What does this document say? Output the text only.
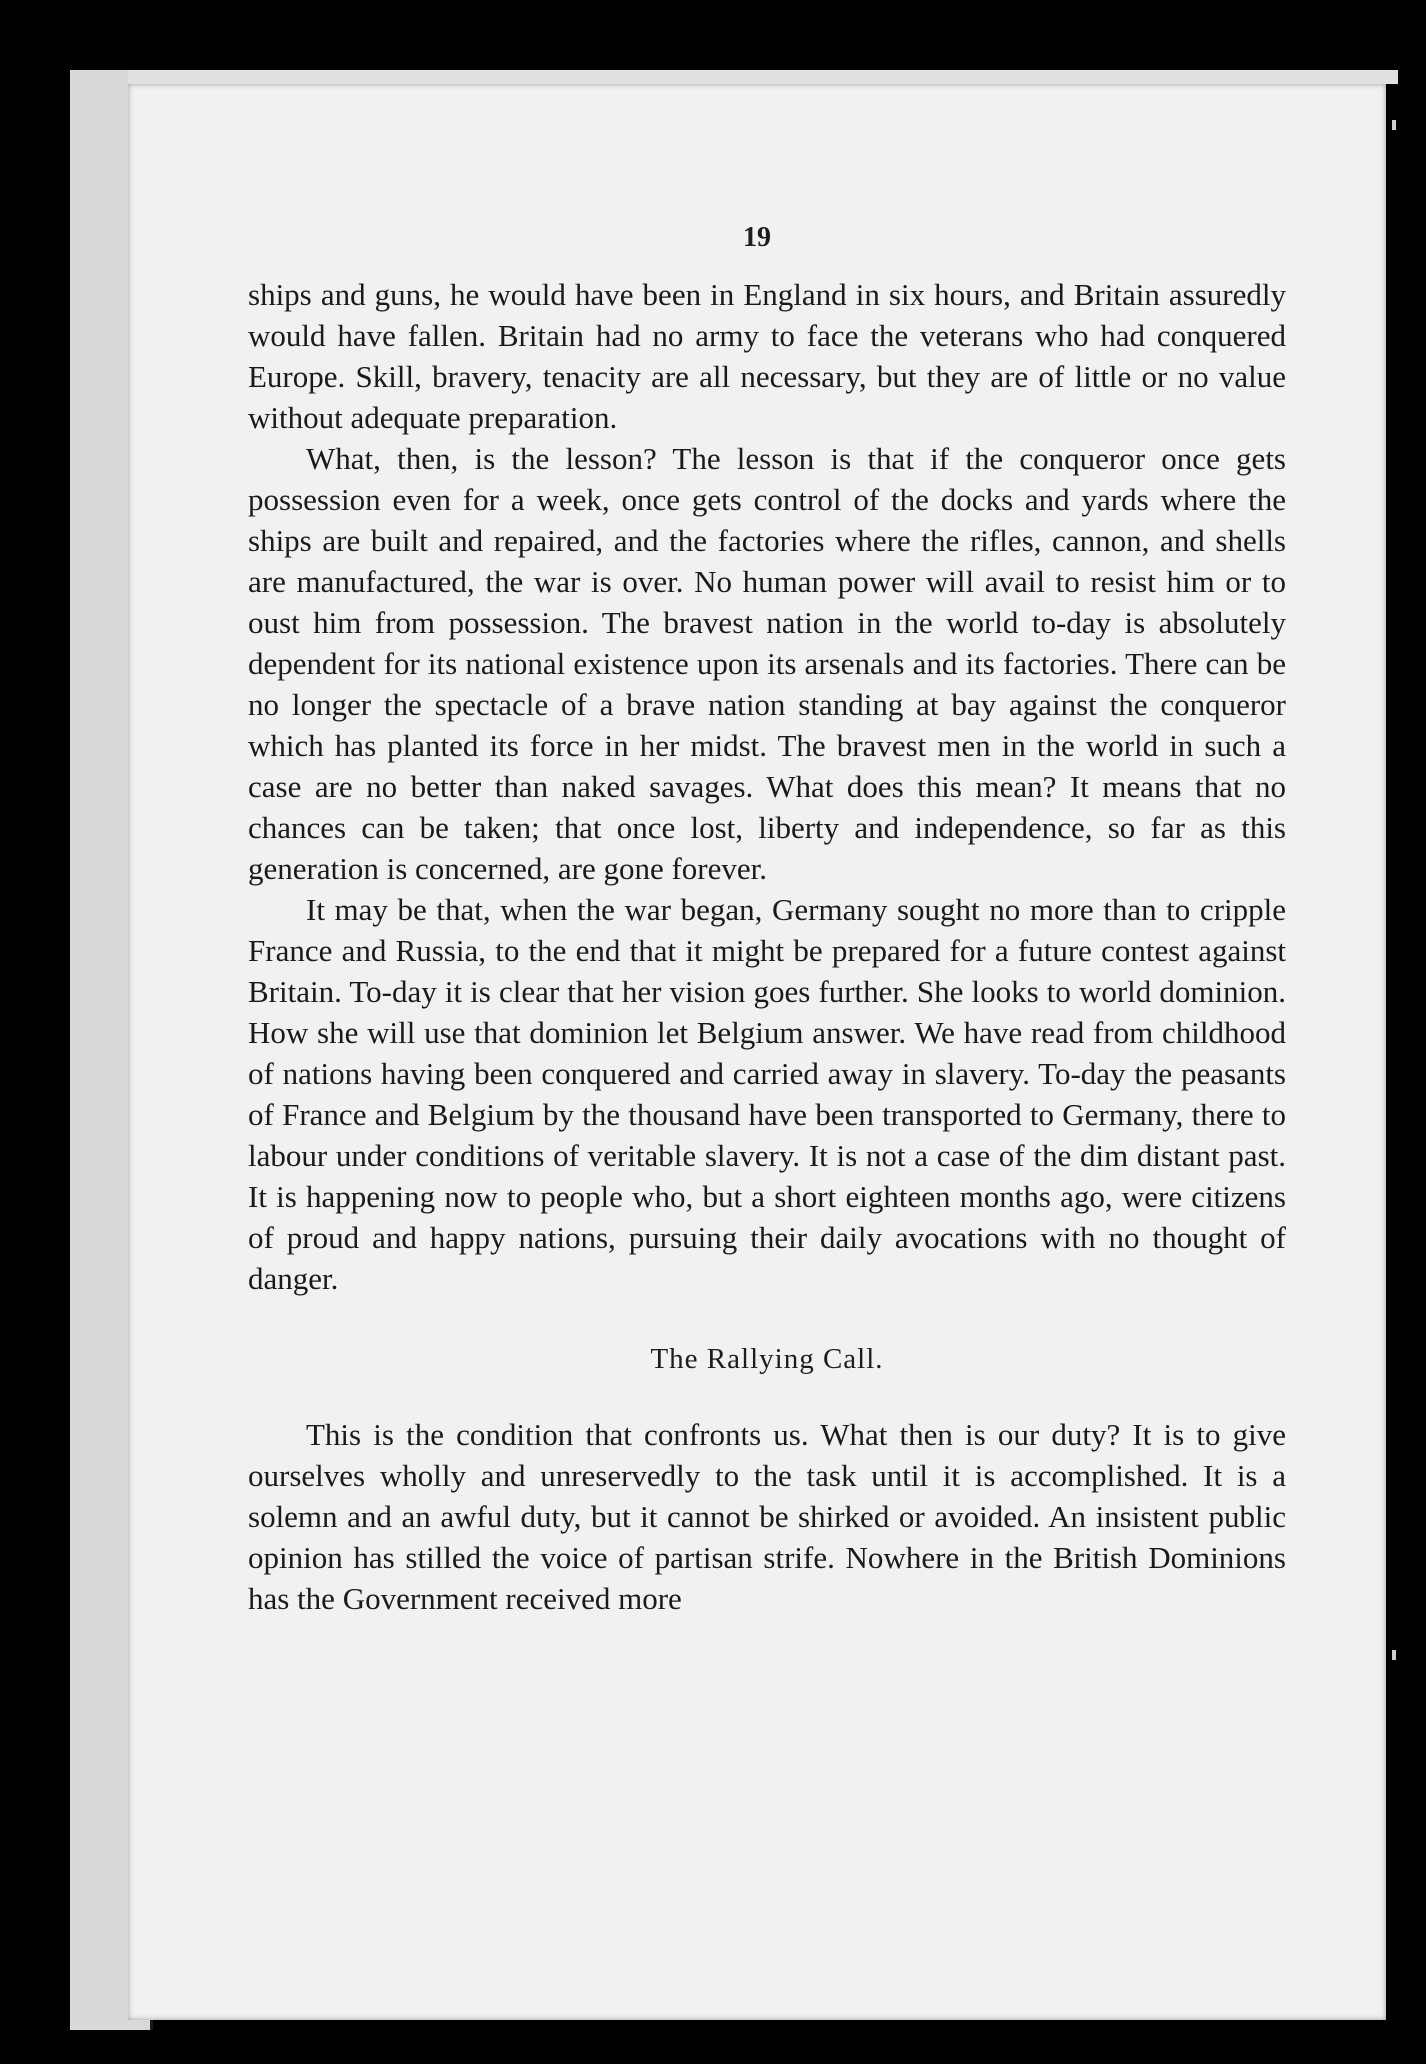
19

ships and guns, he would have been in England in six hours, and Britain assuredly would have fallen. Britain had no army to face the veterans who had conquered Europe. Skill, bravery, tenacity are all necessary, but they are of little or no value without adequate preparation.

What, then, is the lesson? The lesson is that if the conqueror once gets possession even for a week, once gets control of the docks and yards where the ships are built and repaired, and the factories where the rifles, cannon, and shells are manufactured, the war is over. No human power will avail to resist him or to oust him from possession. The bravest nation in the world to-day is absolutely dependent for its national existence upon its arsenals and its factories. There can be no longer the spectacle of a brave nation standing at bay against the conqueror which has planted its force in her midst. The bravest men in the world in such a case are no better than naked savages. What does this mean? It means that no chances can be taken; that once lost, liberty and independence, so far as this generation is concerned, are gone forever.

It may be that, when the war began, Germany sought no more than to cripple France and Russia, to the end that it might be prepared for a future contest against Britain. To-day it is clear that her vision goes further. She looks to world dominion. How she will use that dominion let Belgium answer. We have read from childhood of nations having been conquered and carried away in slavery. To-day the peasants of France and Belgium by the thousand have been transported to Germany, there to labour under conditions of veritable slavery. It is not a case of the dim distant past. It is happening now to people who, but a short eighteen months ago, were citizens of proud and happy nations, pursuing their daily avocations with no thought of danger.

The Rallying Call.

This is the condition that confronts us. What then is our duty? It is to give ourselves wholly and unreservedly to the task until it is accomplished. It is a solemn and an awful duty, but it cannot be shirked or avoided. An insistent public opinion has stilled the voice of partisan strife. Nowhere in the British Dominions has the Government received more
